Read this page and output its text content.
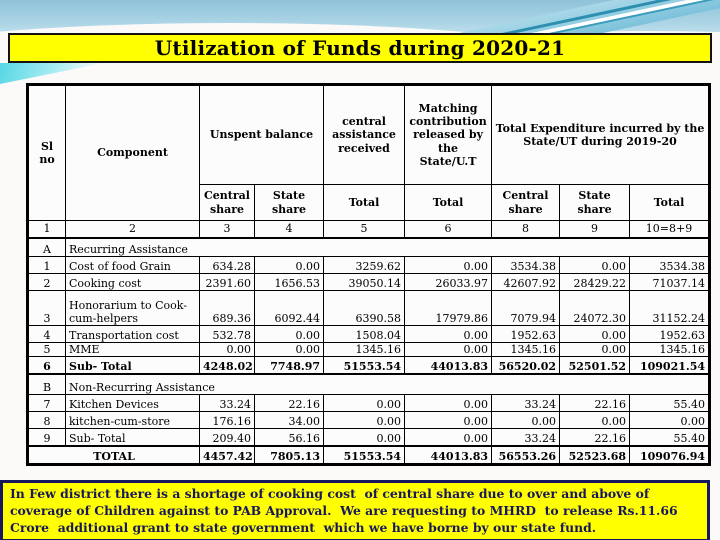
Utilization of Funds during 2020-21
Sl no	Component	Unspent balance		central assistance received	Matching contribution released by the State/U.T	Total Expenditure incurred by the State/UT during 2019-20		
		Central share	State share	Total	Total	Central share	State share	Total
1	2	3	4	5	6	8	9	10=8+9
A	Recurring Assistance							
1	Cost of food Grain	634.28	0.00	3259.62	0.00	3534.38	0.00	3534.38
2	Cooking cost	2391.60	1656.53	39050.14	26033.97	42607.92	28429.22	71037.14
3	Honorarium to Cook-cum-helpers	689.36	6092.44	6390.58	17979.86	7079.94	24072.30	31152.24
4	Transportation cost	532.78	0.00	1508.04	0.00	1952.63	0.00	1952.63
5	MME	0.00	0.00	1345.16	0.00	1345.16	0.00	1345.16
6	Sub- Total	4248.02	7748.97	51553.54	44013.83	56520.02	52501.52	109021.54
B	Non-Recurring Assistance							
7	Kitchen Devices	33.24	22.16	0.00	0.00	33.24	22.16	55.40
8	kitchen-cum-store	176.16	34.00	0.00	0.00	0.00	0.00	0.00
9	Sub- Total	209.40	56.16	0.00	0.00	33.24	22.16	55.40
TOTAL		4457.42	7805.13	51553.54	44013.83	56553.26	52523.68	109076.94
In Few district there is a shortage of cooking cost  of central share due to over and above of coverage of Children against to PAB Approval.  We are requesting to MHRD  to release Rs.11.66 Crore  additional grant to state government  which we have borne by our state fund.
